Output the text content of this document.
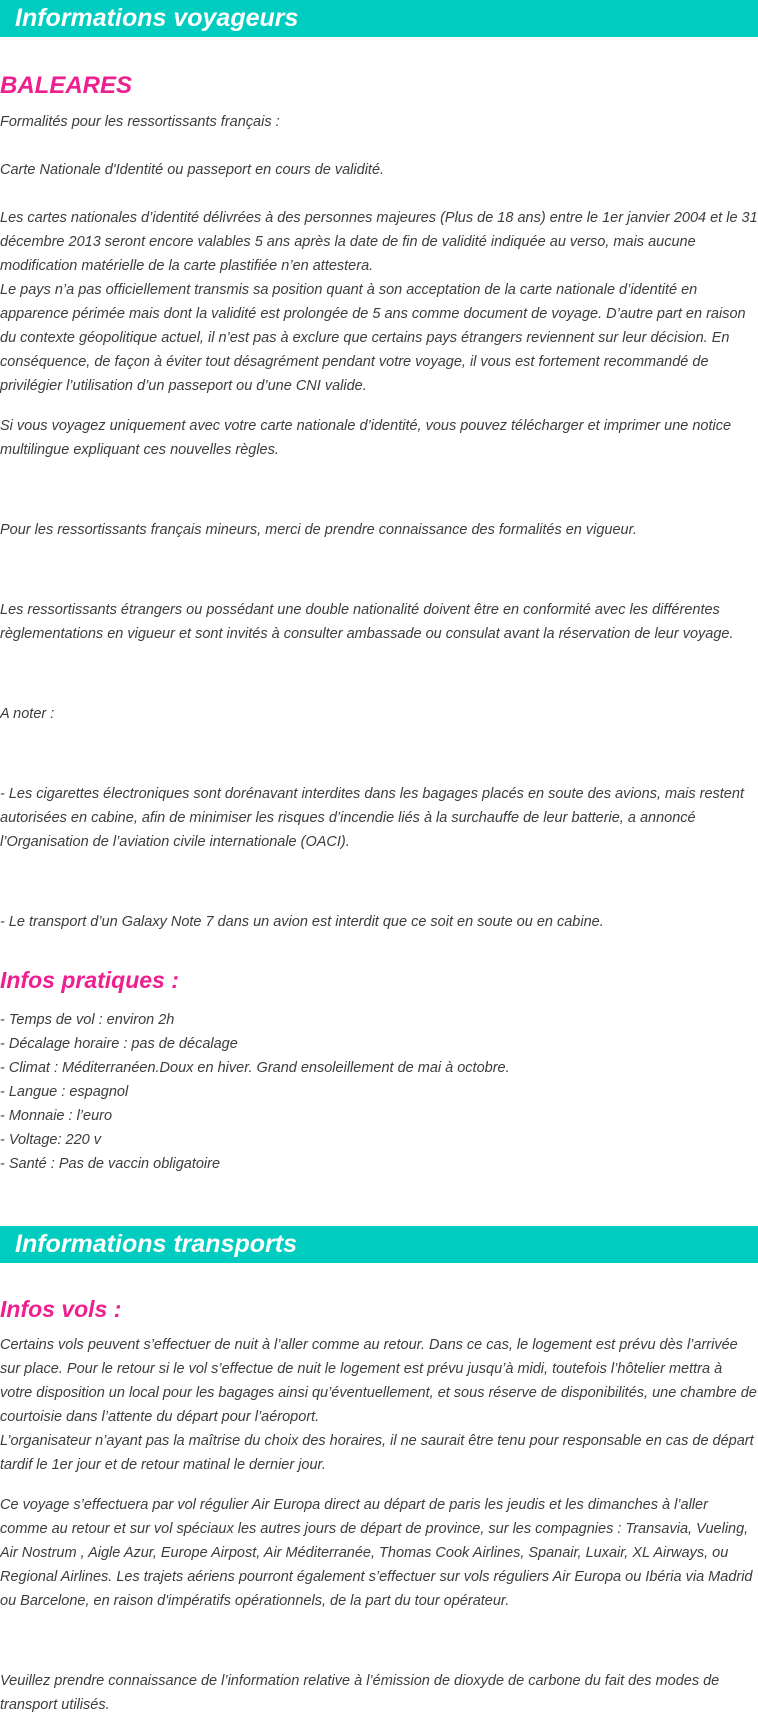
Informations voyageurs
BALEARES

Formalités pour les ressortissants français :

Carte Nationale d'Identité ou passeport en cours de validité.

Les cartes nationales d’identité délivrées à des personnes majeures (Plus de 18 ans) entre le 1er janvier 2004 et le 31 décembre 2013 seront encore valables 5 ans après la date de fin de validité indiquée au verso, mais aucune modification matérielle de la carte plastifiée n’en attestera.

Le pays n’a pas officiellement transmis sa position quant à son acceptation de la carte nationale d’identité en apparence périmée mais dont la validité est prolongée de 5 ans comme document de voyage. D’autre part en raison du contexte géopolitique actuel, il n’est pas à exclure que certains pays étrangers reviennent sur leur décision. En conséquence, de façon à éviter tout désagrément pendant votre voyage, il vous est fortement recommandé de privilégier l’utilisation d’un passeport ou d’une CNI valide.

Si vous voyagez uniquement avec votre carte nationale d’identité, vous pouvez télécharger et imprimer une notice multilingue expliquant ces nouvelles règles.

Pour les ressortissants français mineurs, merci de prendre connaissance des formalités en vigueur.

Les ressortissants étrangers ou possédant une double nationalité doivent être en conformité avec les différentes règlementations en vigueur et sont invités à consulter ambassade ou consulat avant la réservation de leur voyage.

A noter :

- Les cigarettes électroniques sont dorénavant interdites dans les bagages placés en soute des avions, mais restent autorisées en cabine, afin de minimiser les risques d’incendie liés à la surchauffe de leur batterie, a annoncé l’Organisation de l’aviation civile internationale (OACI).

- Le transport d’un Galaxy Note 7 dans un avion est interdit que ce soit en soute ou en cabine.

Infos pratiques :
- Temps de vol : environ 2h
- Décalage horaire : pas de décalage
- Climat : Méditerranéen.Doux en hiver. Grand ensoleillement de mai à octobre.
- Langue : espagnol
- Monnaie : l’euro
- Voltage: 220 v
- Santé : Pas de vaccin obligatoire
Informations transports
Infos vols :

Certains vols peuvent s’effectuer de nuit à l’aller comme au retour. Dans ce cas, le logement est prévu dès l’arrivée sur place. Pour le retour si le vol s’effectue de nuit le logement est prévu jusqu’à midi, toutefois l’hôtelier mettra à votre disposition un local pour les bagages ainsi qu’éventuellement, et sous réserve de disponibilités, une chambre de courtoisie dans l’attente du départ pour l’aéroport.

L’organisateur n’ayant pas la maîtrise du choix des horaires, il ne saurait être tenu pour responsable en cas de départ tardif le 1er jour et de retour matinal le dernier jour.

Ce voyage s’effectuera par vol régulier Air Europa direct au départ de paris les jeudis et les dimanches à l’aller comme au retour et sur vol spéciaux les autres jours de départ de province, sur les compagnies : Transavia, Vueling, Air Nostrum , Aigle Azur, Europe Airpost, Air Méditerranée, Thomas Cook Airlines, Spanair, Luxair, XL Airways, ou Regional Airlines. Les trajets aériens pourront également s’effectuer sur vols réguliers Air Europa ou Ibéria via Madrid ou Barcelone, en raison d'impératifs opérationnels, de la part du tour opérateur.

Veuillez prendre connaissance de l’information relative à l’émission de dioxyde de carbone du fait des modes de transport utilisés.
